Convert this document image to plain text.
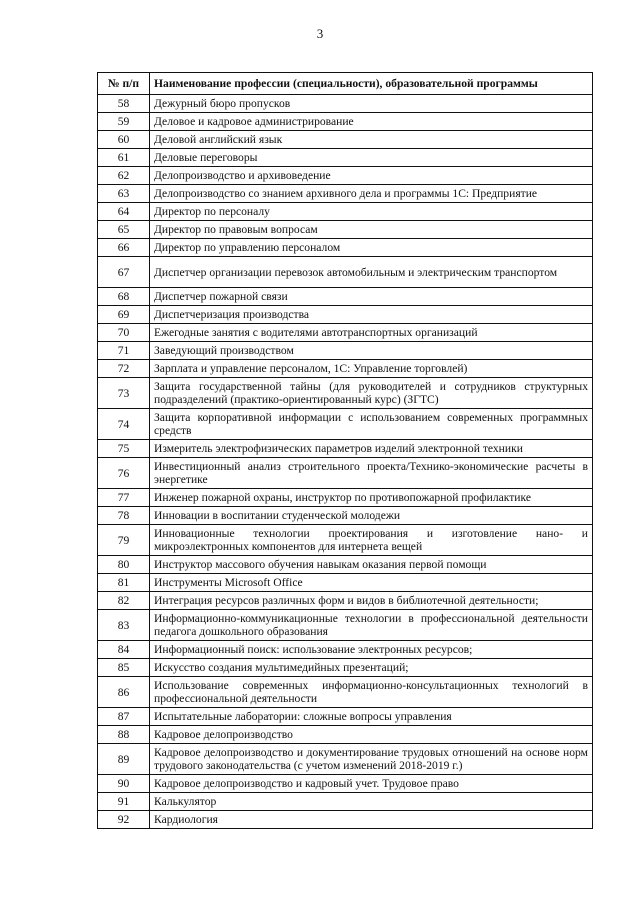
3
№ п/п	Наименование профессии (специальности), образовательной программы
58	Дежурный бюро пропусков
59	Деловое и кадровое администрирование
60	Деловой английский язык
61	Деловые переговоры
62	Делопроизводство и архивоведение
63	Делопроизводство со знанием архивного дела и программы 1С: Предприятие
64	Директор по персоналу
65	Директор по правовым вопросам
66	Директор по управлению персоналом
67	Диспетчер организации перевозок автомобильным и электрическим транспортом
68	Диспетчер пожарной связи
69	Диспетчеризация производства
70	Ежегодные занятия с водителями автотранспортных организаций
71	Заведующий производством
72	Зарплата и управление персоналом, 1С: Управление торговлей)
73	Защита государственной тайны (для руководителей и сотрудников структурных подразделений (практико-ориентированный курс) (ЗГТС)
74	Защита корпоративной информации с использованием современных программных средств
75	Измеритель электрофизических параметров изделий электронной техники
76	Инвестиционный анализ строительного проекта/Технико-экономические расчеты в энергетике
77	Инженер пожарной охраны, инструктор по противопожарной профилактике
78	Инновации в воспитании студенческой молодежи
79	Инновационные технологии проектирования и изготовление нано- и микроэлектронных компонентов для интернета вещей
80	Инструктор массового обучения навыкам оказания первой помощи
81	Инструменты Microsoft Office
82	Интеграция ресурсов различных форм и видов в библиотечной деятельности;
83	Информационно-коммуникационные технологии в профессиональной деятельности педагога дошкольного образования
84	Информационный поиск: использование электронных ресурсов;
85	Искусство создания мультимедийных презентаций;
86	Использование современных информационно-консультационных технологий в профессиональной деятельности
87	Испытательные лаборатории: сложные вопросы управления
88	Кадровое делопроизводство
89	Кадровое делопроизводство и документирование трудовых отношений на основе норм трудового законодательства (с учетом изменений 2018-2019 г.)
90	Кадровое делопроизводство и кадровый учет. Трудовое право
91	Калькулятор
92	Кардиология
